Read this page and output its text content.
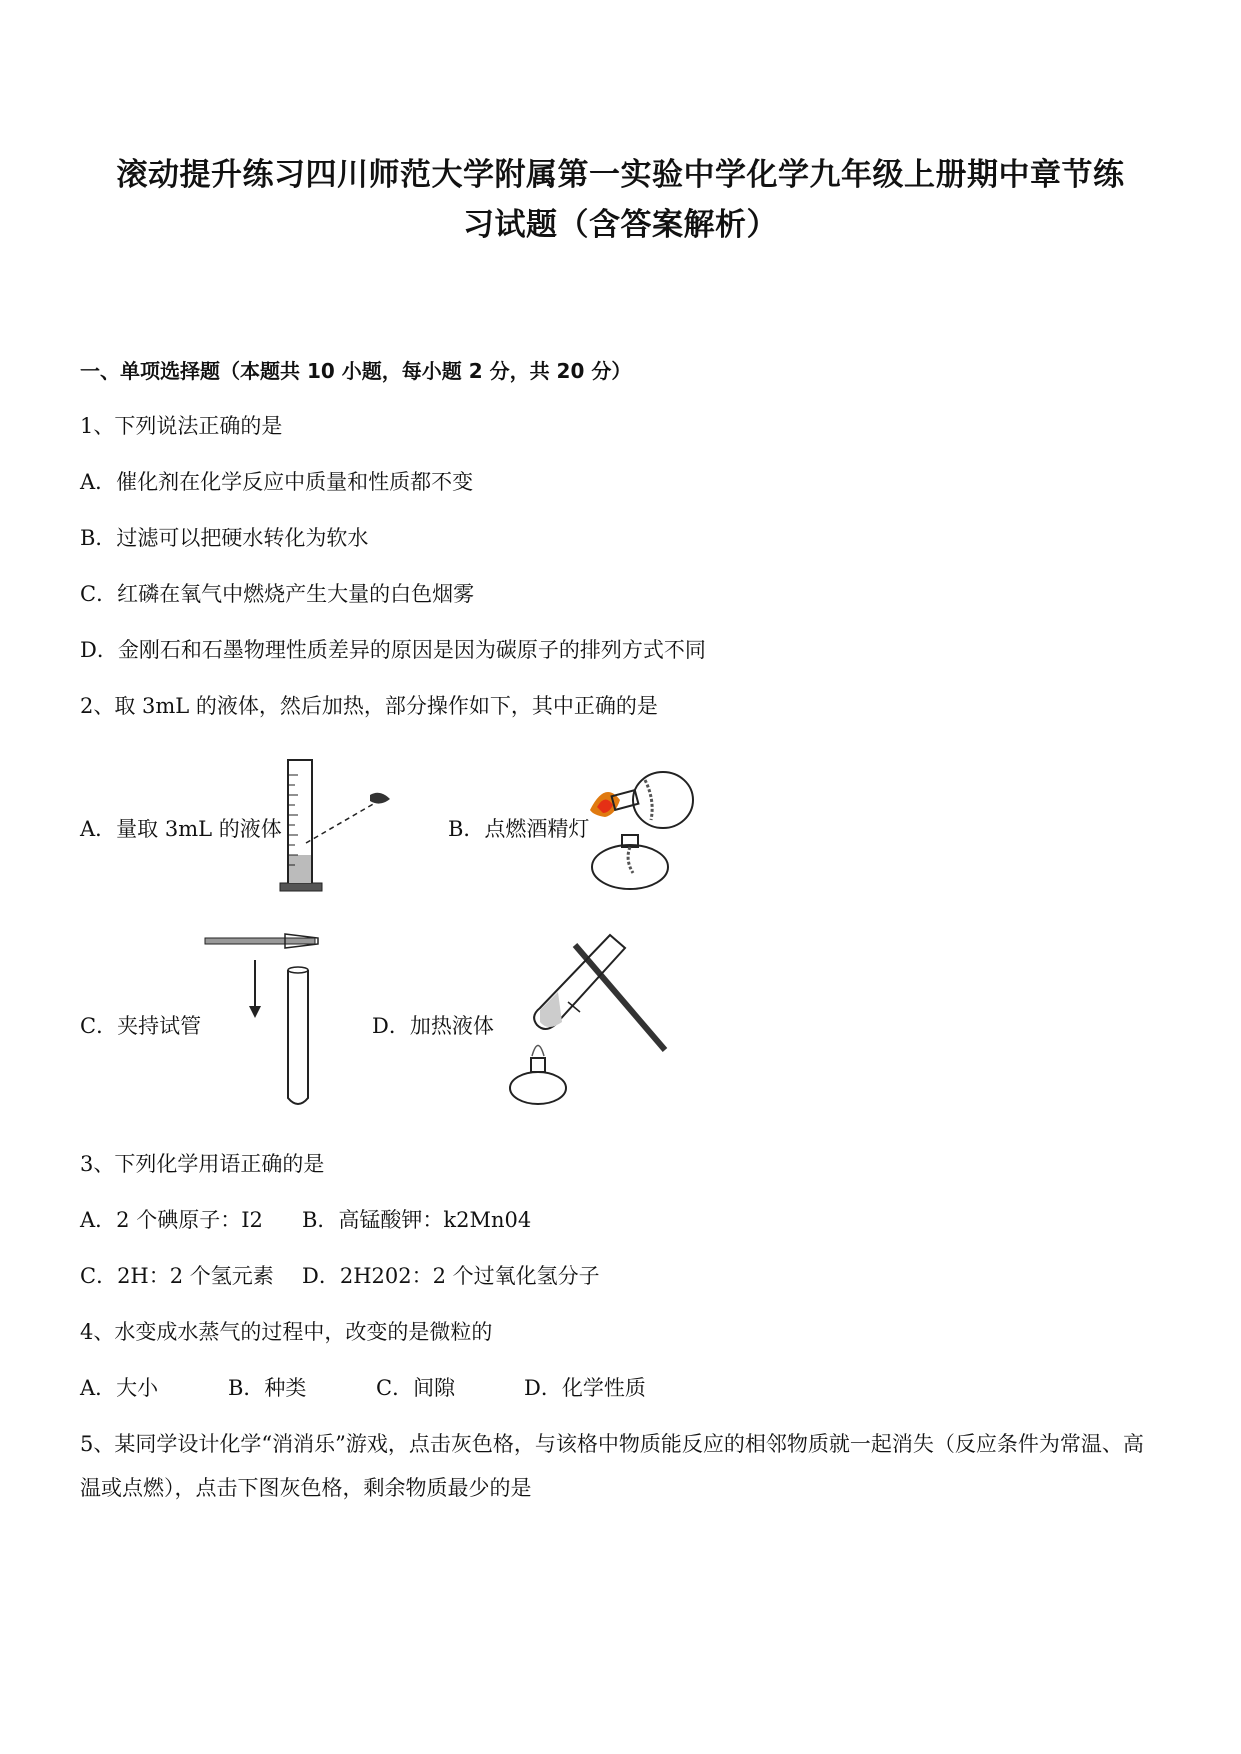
滚动提升练习四川师范大学附属第一实验中学化学九年级上册期中章节练
习试题（含答案解析）
一、单项选择题（本题共 10 小题，每小题 2 分，共 20 分）
1、下列说法正确的是
A．催化剂在化学反应中质量和性质都不变
B．过滤可以把硬水转化为软水
C．红磷在氧气中燃烧产生大量的白色烟雾
D．金刚石和石墨物理性质差异的原因是因为碳原子的排列方式不同
2、取 3mL 的液体，然后加热，部分操作如下，其中正确的是
A．量取 3mL 的液体	B．点燃酒精灯
C．夹持试管	D．加热液体
3、下列化学用语正确的是
A．2 个碘原子：I2 B．高锰酸钾：k2Mn04
C．2H：2 个氢元素 D．2H202：2 个过氧化氢分子
4、水变成水蒸气的过程中，改变的是微粒的
A．大小	B．种类	C．间隙	D．化学性质
5、某同学设计化学“消消乐”游戏，点击灰色格，与该格中物质能反应的相邻物质就一起消失（反应条件为常温、高温或点燃），点击下图灰色格，剩余物质最少的是
